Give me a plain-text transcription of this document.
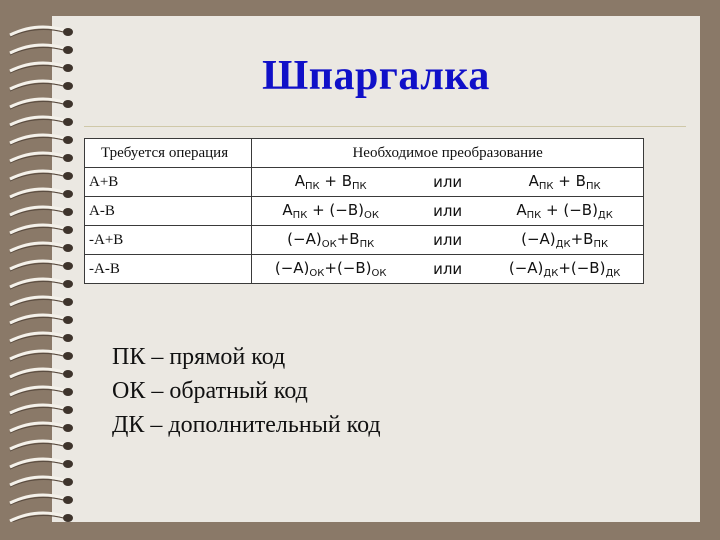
Шпаргалка
Требуется операция	Необходимое преобразование		
А+В	$А_{ПК} + В_{ПК}$	или	$А_{ПК} + В_{ПК}$
А-В	$А_{ПК} + (-В)_{ОК}$	или	$А_{ПК} + (-В)_{ДК}$
-А+В	$(-А)_{ОК}+В_{ПК}$	или	$(-А)_{ДК}+В_{ПК}$
-А-В	$(-А)_{ОК}+(-В)_{ОК}$	или	$(-А)_{ДК}+(-В)_{ДК}$
ПК – прямой код
ОК – обратный код
ДК – дополнительный код
